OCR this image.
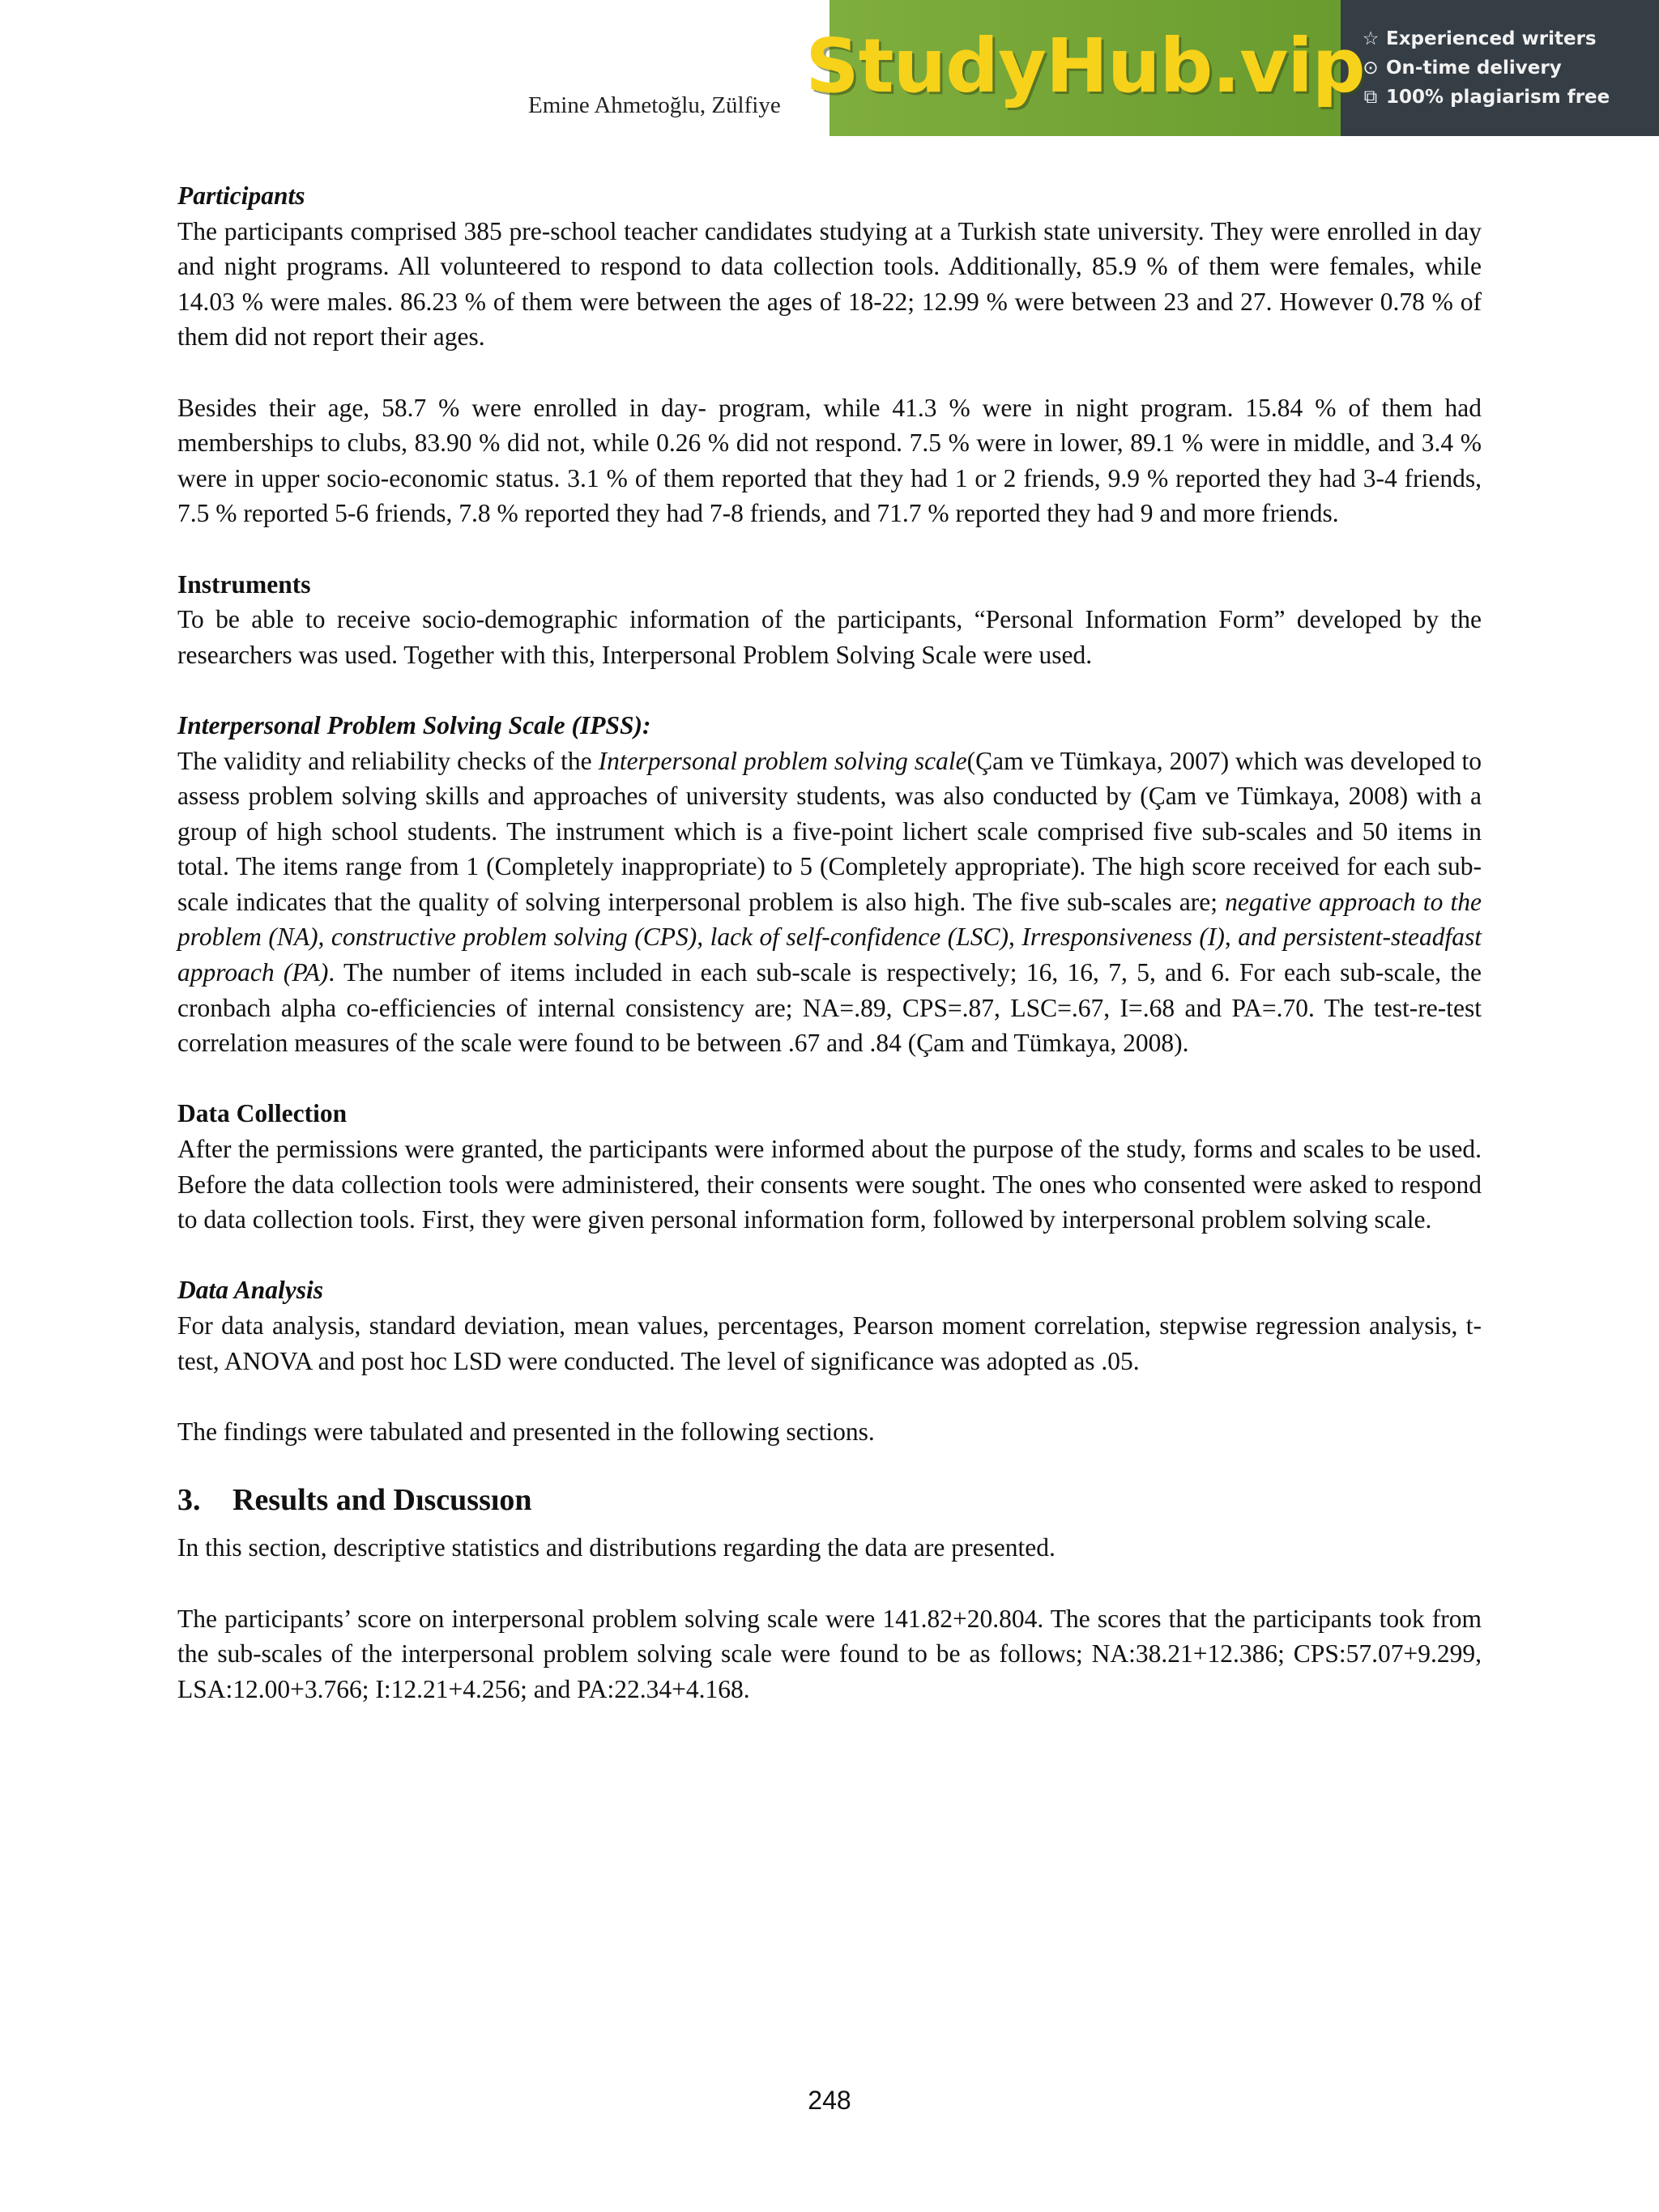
Emine Ahmetoğlu, Zülfiye StudyHub.vip
☆ Experienced writers
⊙ On-time delivery
⧉ 100% plagiarism free

Participants

The participants comprised 385 pre-school teacher candidates studying at a Turkish state university. They were enrolled in day and night programs. All volunteered to respond to data collection tools. Additionally, 85.9 % of them were females, while 14.03 % were males. 86.23 % of them were between the ages of 18-22; 12.99 % were between 23 and 27. However 0.78 % of them did not report their ages.

Besides their age, 58.7 % were enrolled in day- program, while 41.3 % were in night program. 15.84 % of them had memberships to clubs, 83.90 % did not, while 0.26 % did not respond. 7.5 % were in lower, 89.1 % were in middle, and 3.4 % were in upper socio-economic status. 3.1 % of them reported that they had 1 or 2 friends, 9.9 % reported they had 3-4 friends, 7.5 % reported 5-6 friends, 7.8 % reported they had 7-8 friends, and 71.7 % reported they had 9 and more friends.

Instruments

To be able to receive socio-demographic information of the participants, “Personal Information Form” developed by the researchers was used. Together with this, Interpersonal Problem Solving Scale were used.

Interpersonal Problem Solving Scale (IPSS):

The validity and reliability checks of the Interpersonal problem solving scale(Çam ve Tümkaya, 2007) which was developed to assess problem solving skills and approaches of university students, was also conducted by (Çam ve Tümkaya, 2008) with a group of high school students. The instrument which is a five-point lichert scale comprised five sub-scales and 50 items in total. The items range from 1 (Completely inappropriate) to 5 (Completely appropriate). The high score received for each sub-scale indicates that the quality of solving interpersonal problem is also high. The five sub-scales are; negative approach to the problem (NA), constructive problem solving (CPS), lack of self-confidence (LSC), Irresponsiveness (I), and persistent-steadfast approach (PA). The number of items included in each sub-scale is respectively; 16, 16, 7, 5, and 6. For each sub-scale, the cronbach alpha co-efficiencies of internal consistency are; NA=.89, CPS=.87, LSC=.67, I=.68 and PA=.70. The test-re-test correlation measures of the scale were found to be between .67 and .84 (Çam and Tümkaya, 2008).

Data Collection

After the permissions were granted, the participants were informed about the purpose of the study, forms and scales to be used. Before the data collection tools were administered, their consents were sought. The ones who consented were asked to respond to data collection tools. First, they were given personal information form, followed by interpersonal problem solving scale.

Data Analysis

For data analysis, standard deviation, mean values, percentages, Pearson moment correlation, stepwise regression analysis, t-test, ANOVA and post hoc LSD were conducted. The level of significance was adopted as .05.

The findings were tabulated and presented in the following sections.

3. Results and Dıscussıon

In this section, descriptive statistics and distributions regarding the data are presented.

The participants’ score on interpersonal problem solving scale were 141.82+20.804. The scores that the participants took from the sub-scales of the interpersonal problem solving scale were found to be as follows; NA:38.21+12.386; CPS:57.07+9.299, LSA:12.00+3.766; I:12.21+4.256; and PA:22.34+4.168.

248
